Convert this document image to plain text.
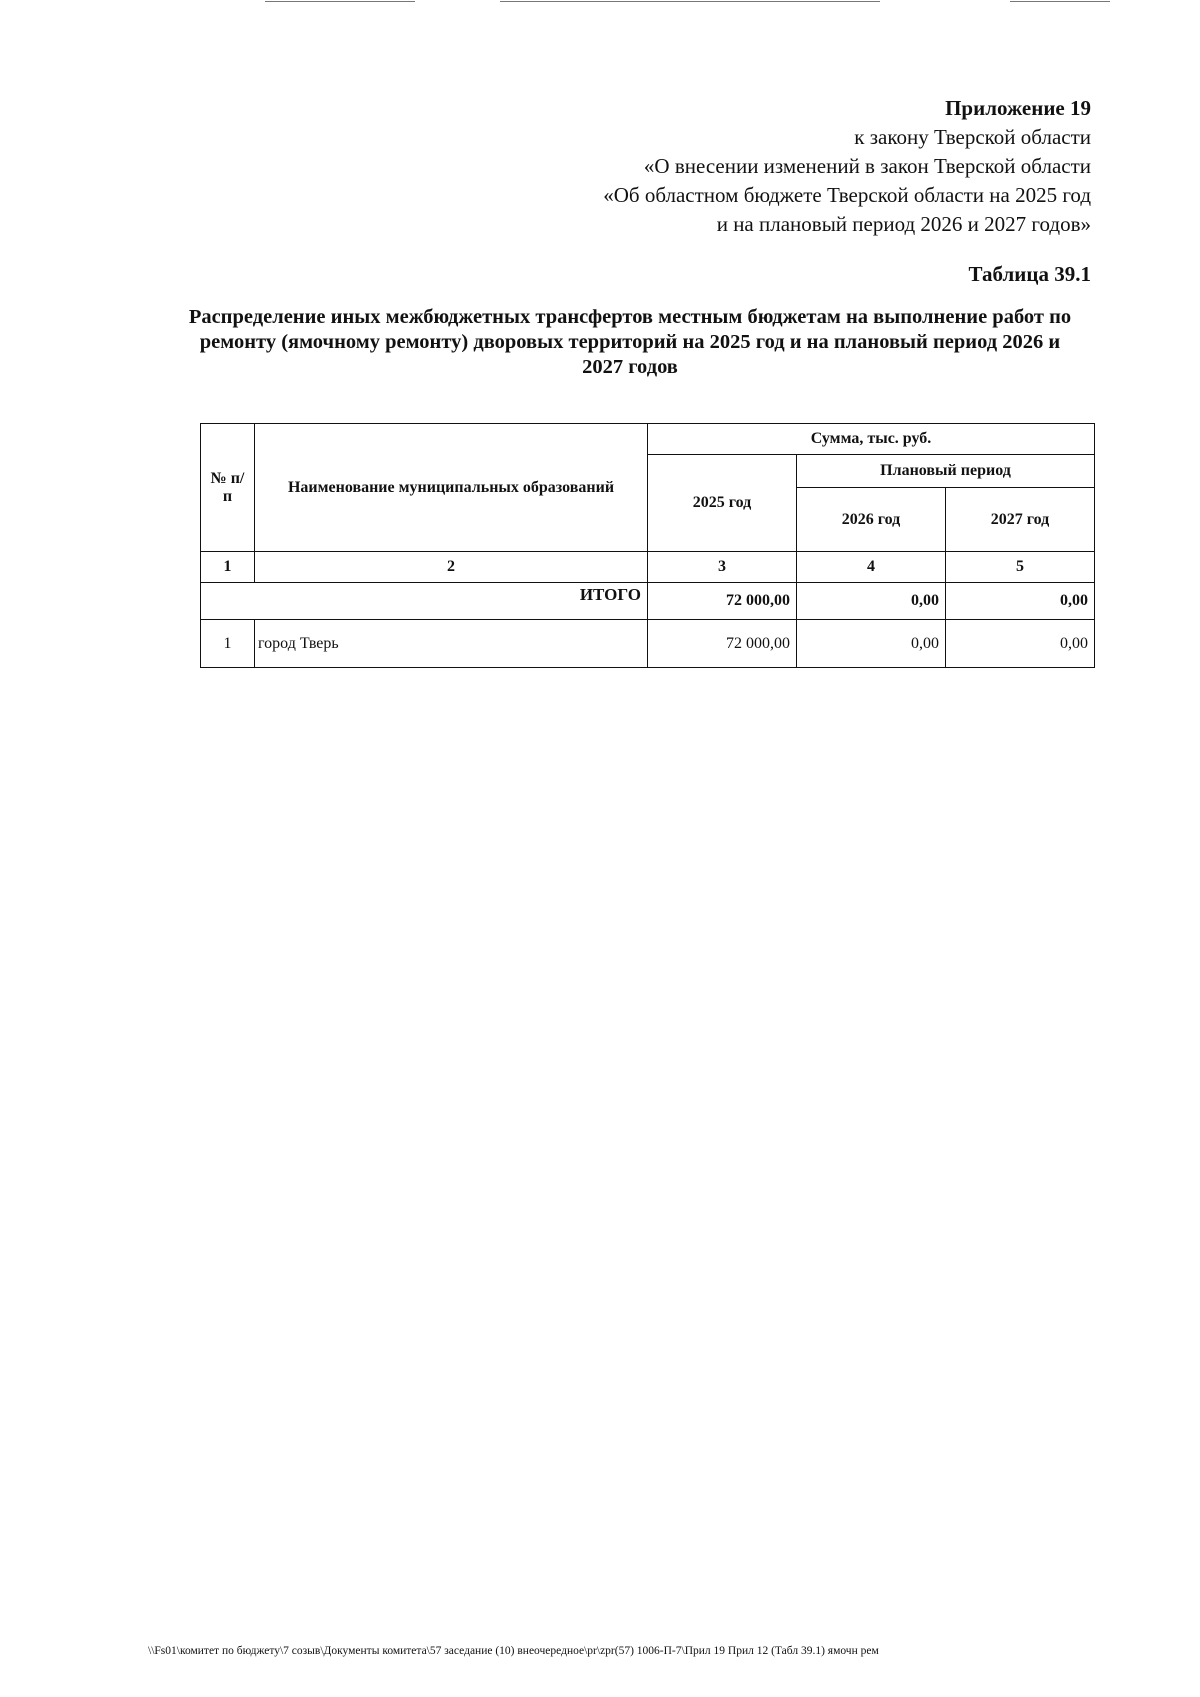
Приложение 19
к закону Тверской области
«О внесении изменений в закон Тверской области
«Об областном бюджете Тверской области на 2025 год
и на плановый период 2026 и 2027 годов»
Таблица 39.1
Распределение иных межбюджетных трансфертов местным бюджетам на выполнение работ по ремонту (ямочному ремонту) дворовых территорий на 2025 год и на плановый период 2026 и 2027 годов
№ п/п	Наименование муниципальных образований	Сумма, тыс. руб.		
		2025 год	Плановый период	
			2026 год	2027 год
1	2	3	4	5
ИТОГО		72 000,00	0,00	0,00
1	город Тверь	72 000,00	0,00	0,00
\\Fs01\комитет по бюджету\7 созыв\Документы комитета\57 заседание (10) внеочередное\pr\zpr(57) 1006-П-7\Прил 19 Прил 12 (Табл 39.1) ямочн рем
